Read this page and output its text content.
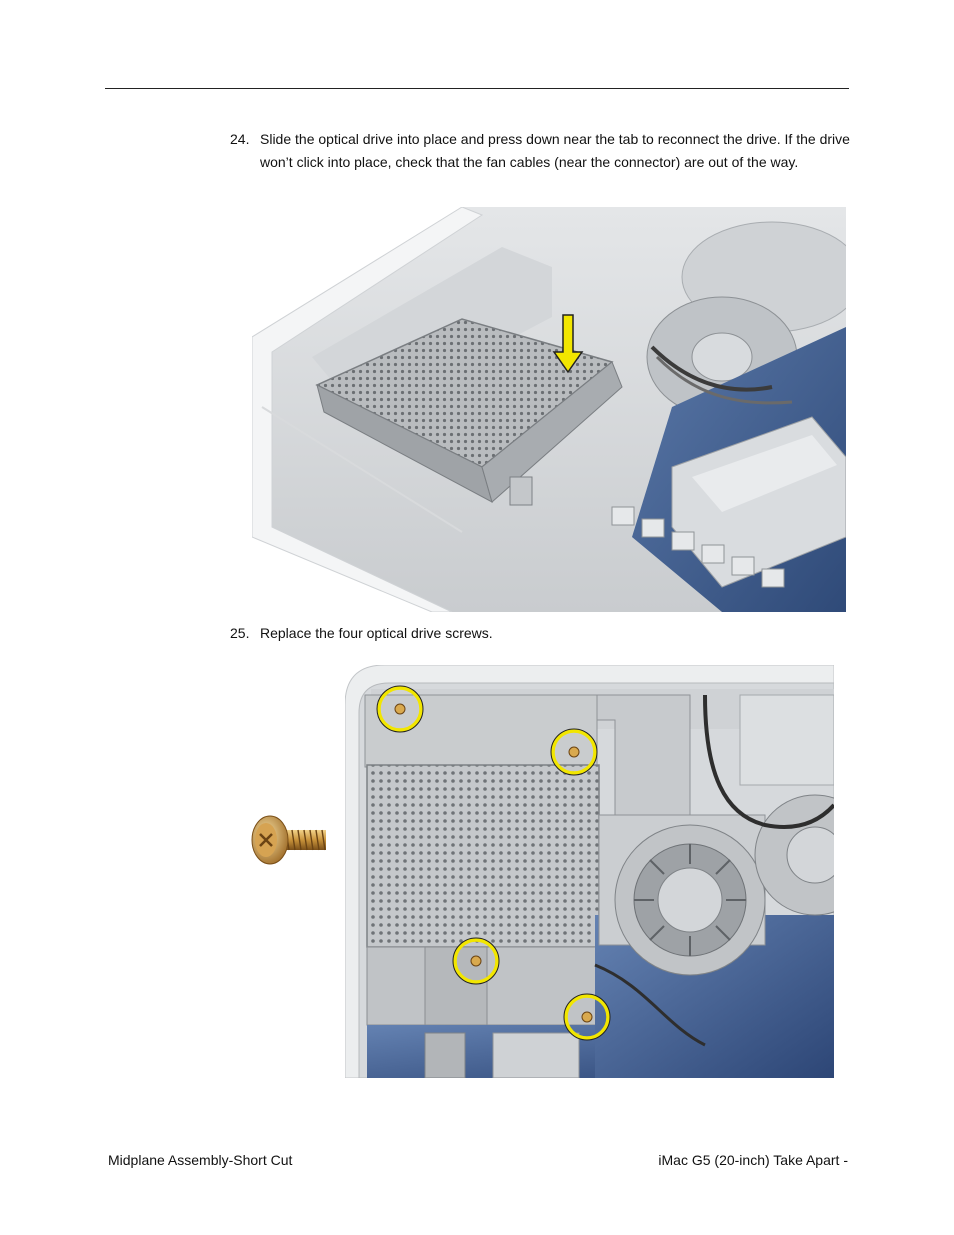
24. Slide the optical drive into place and press down near the tab to reconnect the drive. If the drive won’t click into place, check that the fan cables (near the connector) are out of the way.
25. Replace the four optical drive screws.
Midplane Assembly-Short Cut	iMac G5 (20-inch) Take Apart -
